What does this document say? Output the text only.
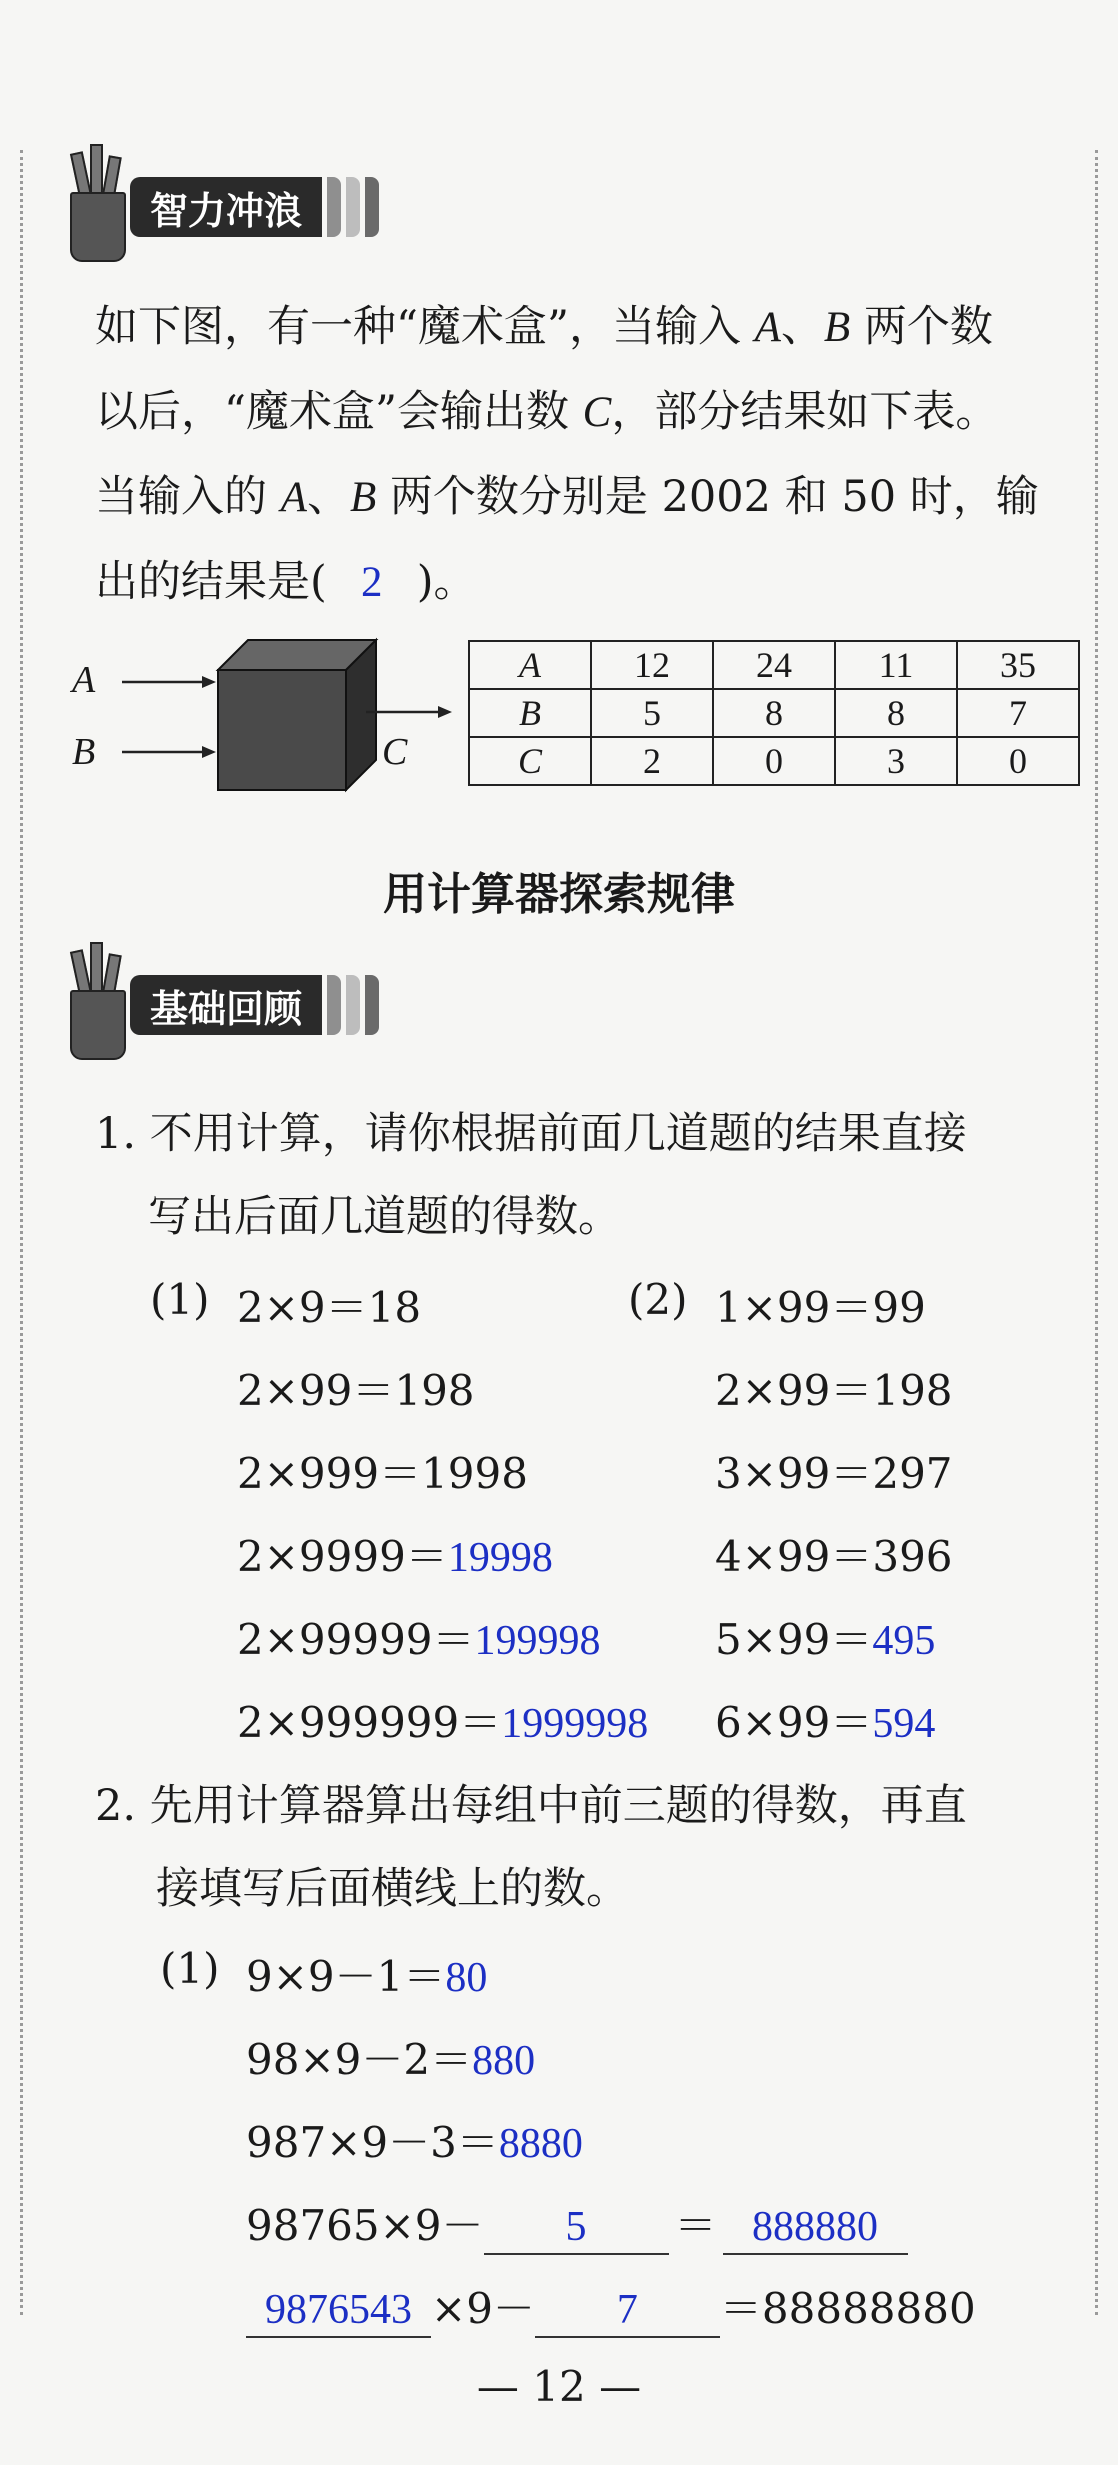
智力冲浪
如下图，有一种“魔术盒”，当输入 A、B 两个数
以后，“魔术盒”会输出数 C，部分结果如下表。
当输入的 A、B 两个数分别是 2002 和 50 时，输
出的结果是( 2 )。
A
B	C
A	12	24	11	35
B	5	8	8	7
C	2	0	3	0
用计算器探索规律
基础回顾
1. 不用计算，请你根据前面几道题的结果直接
写出后面几道题的得数。
(1)	(2)
2×9＝18
2×99＝198
2×999＝1998
2×9999＝19998
2×99999＝199998
2×999999＝1999998
1×99＝99
2×99＝198
3×99＝297
4×99＝396
5×99＝495
6×99＝594
2. 先用计算器算出每组中前三题的得数，再直
接填写后面横线上的数。
(1) 9×9－1＝80
98×9－2＝880
987×9－3＝8880
98765×9－ 5 ＝ 888880
9876543 ×9－ 7 ＝88888880
— 12 —
